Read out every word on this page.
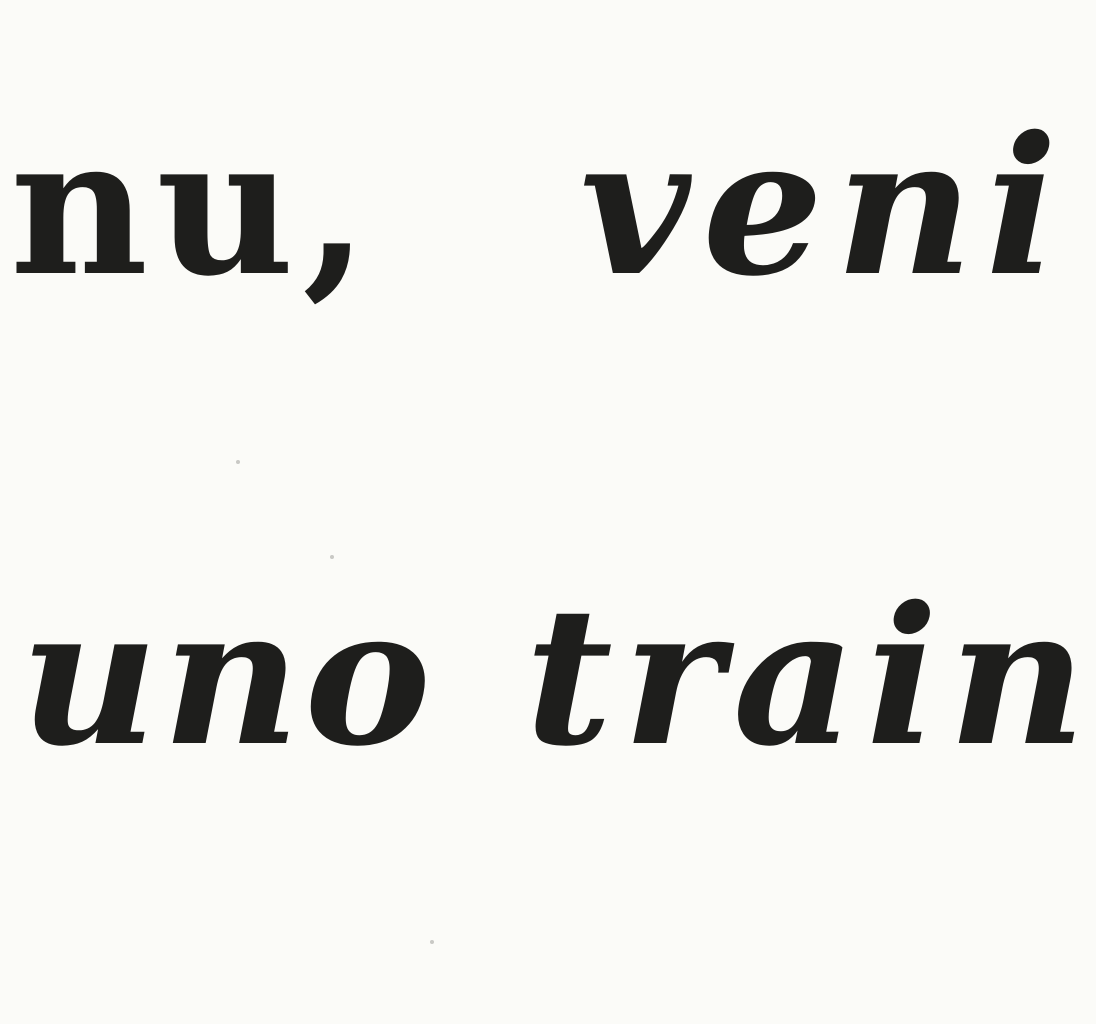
nu, veni
uno train
